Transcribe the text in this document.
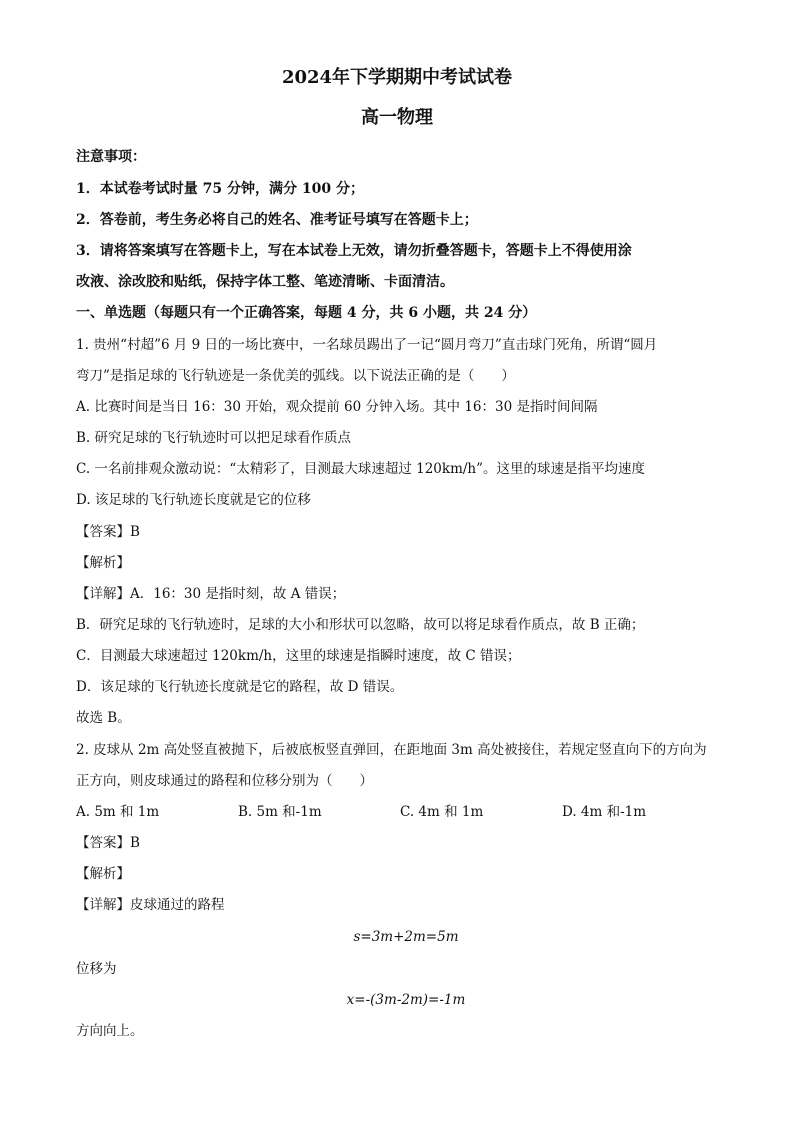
2024年下学期期中考试试卷
高一物理
注意事项：
1．本试卷考试时量 75 分钟，满分 100 分；
2．答卷前，考生务必将自己的姓名、准考证号填写在答题卡上；
3．请将答案填写在答题卡上，写在本试卷上无效，请勿折叠答题卡，答题卡上不得使用涂
改液、涂改胶和贴纸，保持字体工整、笔迹清晰、卡面清洁。
一、单选题（每题只有一个正确答案，每题 4 分，共 6 小题，共 24 分）
1. 贵州“村超”6 月 9 日的一场比赛中，一名球员踢出了一记“圆月弯刀”直击球门死角，所谓“圆月
弯刀”是指足球的飞行轨迹是一条优美的弧线。以下说法正确的是（　　）
A. 比赛时间是当日 16：30 开始，观众提前 60 分钟入场。其中 16：30 是指时间间隔
B. 研究足球的飞行轨迹时可以把足球看作质点
C. 一名前排观众激动说：“太精彩了，目测最大球速超过 120km/h”。这里的球速是指平均速度
D. 该足球的飞行轨迹长度就是它的位移
【答案】B
【解析】
【详解】A．16：30 是指时刻，故 A 错误；
B．研究足球的飞行轨迹时，足球的大小和形状可以忽略，故可以将足球看作质点，故 B 正确；
C．目测最大球速超过 120km/h，这里的球速是指瞬时速度，故 C 错误；
D．该足球的飞行轨迹长度就是它的路程，故 D 错误。
故选 B。
2. 皮球从 2m 高处竖直被抛下，后被底板竖直弹回，在距地面 3m 高处被接住，若规定竖直向下的方向为
正方向，则皮球通过的路程和位移分别为（　　）
A. 5m 和 1m	B. 5m 和-1m	C. 4m 和 1m	D. 4m 和-1m
【答案】B
【解析】
【详解】皮球通过的路程
s=3m+2m=5m
位移为
x=-(3m-2m)=-1m
方向向上。
